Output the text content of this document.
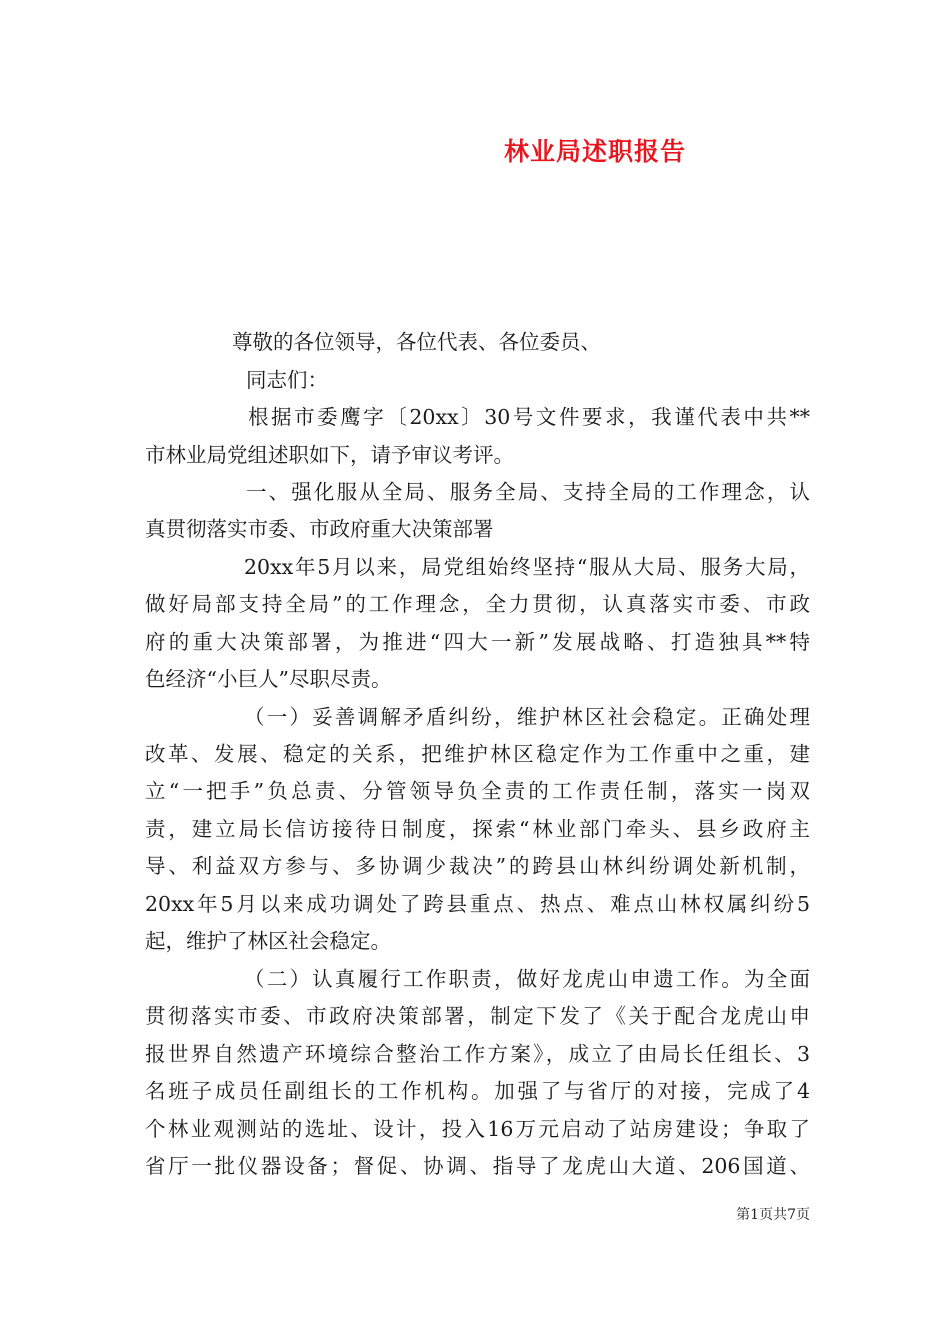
林业局述职报告
尊敬的各位领导，各位代表、各位委员、
同志们：
根据市委鹰字〔20xx〕30号文件要求，我谨代表中共**
市林业局党组述职如下，请予审议考评。
一、强化服从全局、服务全局、支持全局的工作理念，认
真贯彻落实市委、市政府重大决策部署
20xx年5月以来，局党组始终坚持“服从大局、服务大局，
做好局部支持全局”的工作理念，全力贯彻，认真落实市委、市政
府的重大决策部署，为推进“四大一新”发展战略、打造独具**特
色经济“小巨人”尽职尽责。
（一）妥善调解矛盾纠纷，维护林区社会稳定。正确处理
改革、发展、稳定的关系，把维护林区稳定作为工作重中之重，建
立“一把手”负总责、分管领导负全责的工作责任制，落实一岗双
责，建立局长信访接待日制度，探索“林业部门牵头、县乡政府主
导、利益双方参与、多协调少裁决”的跨县山林纠纷调处新机制，
20xx年5月以来成功调处了跨县重点、热点、难点山林权属纠纷5
起，维护了林区社会稳定。
（二）认真履行工作职责，做好龙虎山申遗工作。为全面
贯彻落实市委、市政府决策部署，制定下发了《关于配合龙虎山申
报世界自然遗产环境综合整治工作方案》，成立了由局长任组长、3
名班子成员任副组长的工作机构。加强了与省厅的对接，完成了4
个林业观测站的选址、设计，投入16万元启动了站房建设；争取了
省厅一批仪器设备；督促、协调、指导了龙虎山大道、206国道、
第1页共7页
